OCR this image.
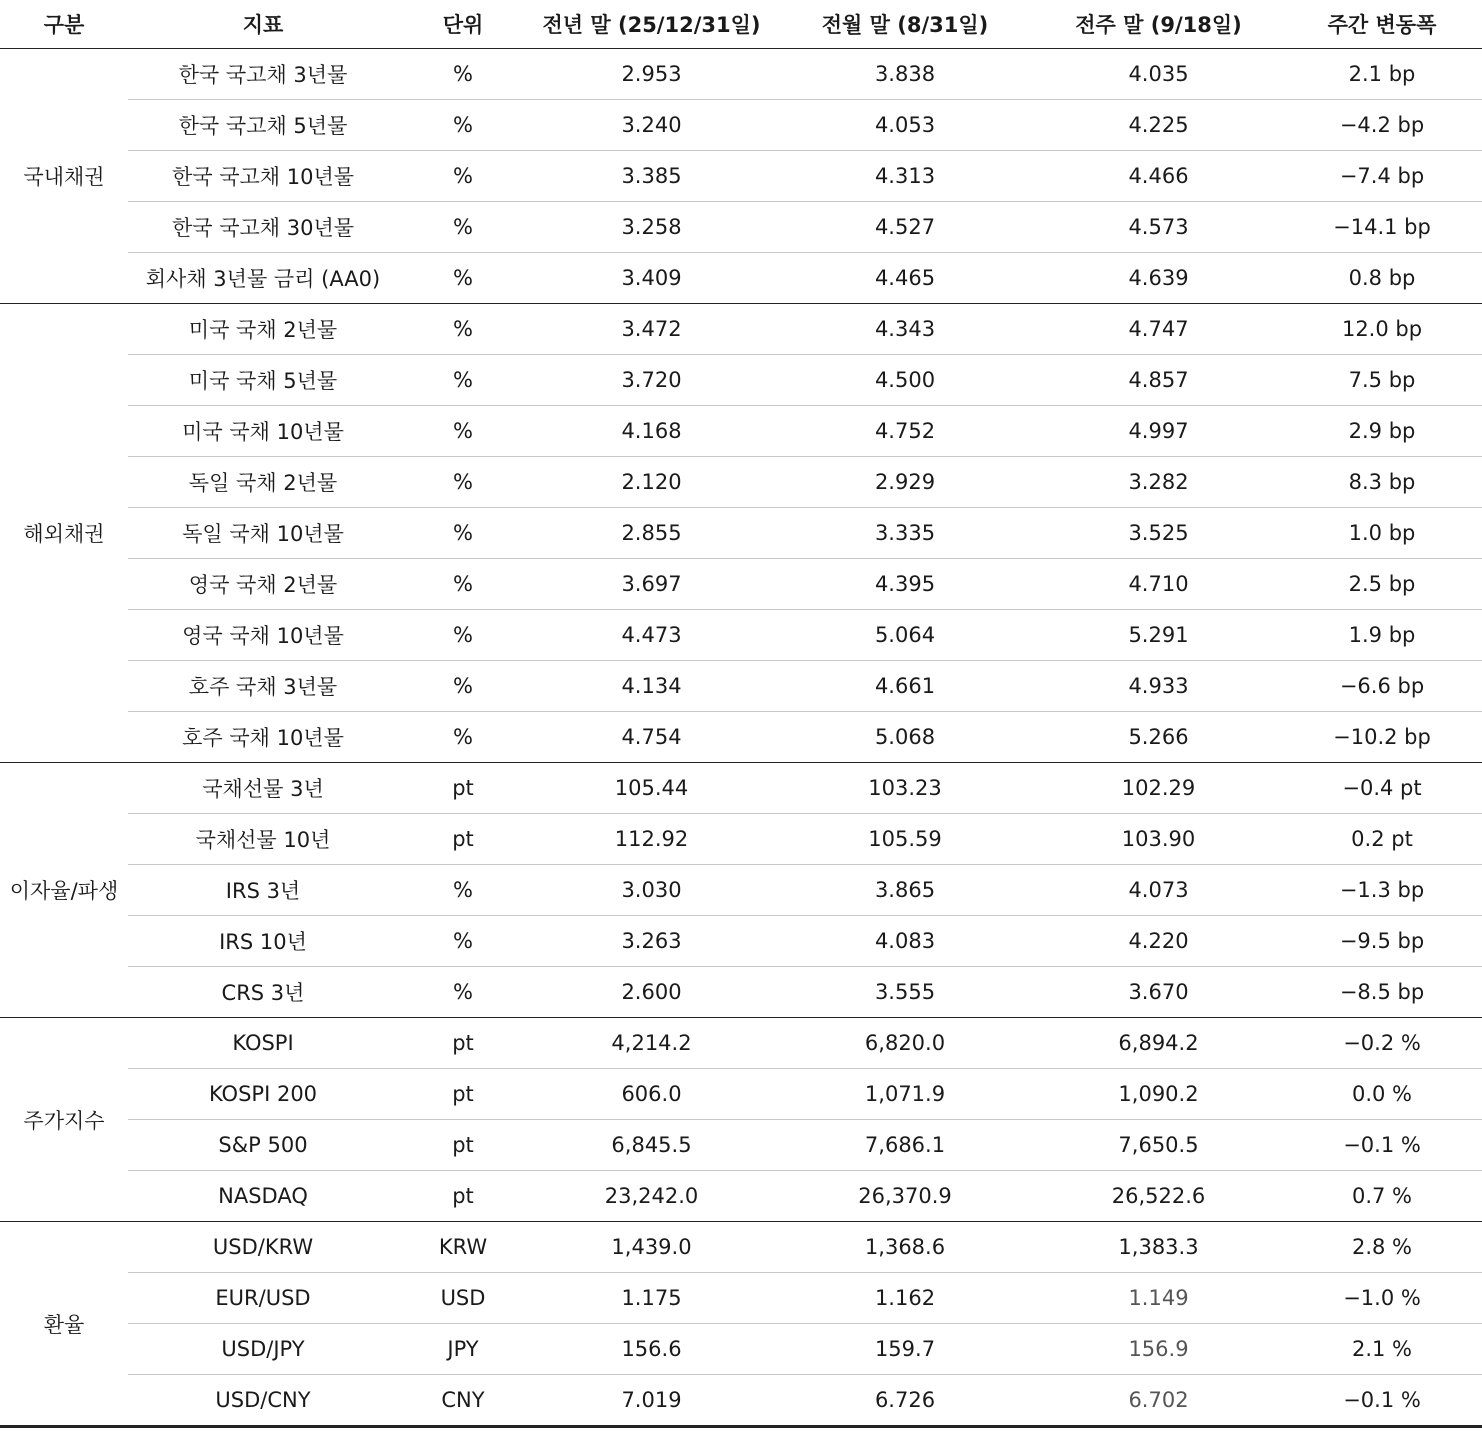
구분	지표	단위	전년 말 (25/12/31일)	전월 말 (8/31일)	전주 말 (9/18일)	주간 변동폭
국내채권	한국 국고채 3년물	%	2.953	3.838	4.035	2.1 bp
	한국 국고채 5년물	%	3.240	4.053	4.225	−4.2 bp
	한국 국고채 10년물	%	3.385	4.313	4.466	−7.4 bp
	한국 국고채 30년물	%	3.258	4.527	4.573	−14.1 bp
	회사채 3년물 금리 (AA0)	%	3.409	4.465	4.639	0.8 bp
해외채권	미국 국채 2년물	%	3.472	4.343	4.747	12.0 bp
	미국 국채 5년물	%	3.720	4.500	4.857	7.5 bp
	미국 국채 10년물	%	4.168	4.752	4.997	2.9 bp
	독일 국채 2년물	%	2.120	2.929	3.282	8.3 bp
	독일 국채 10년물	%	2.855	3.335	3.525	1.0 bp
	영국 국채 2년물	%	3.697	4.395	4.710	2.5 bp
	영국 국채 10년물	%	4.473	5.064	5.291	1.9 bp
	호주 국채 3년물	%	4.134	4.661	4.933	−6.6 bp
	호주 국채 10년물	%	4.754	5.068	5.266	−10.2 bp
이자율/파생	국채선물 3년	pt	105.44	103.23	102.29	−0.4 pt
	국채선물 10년	pt	112.92	105.59	103.90	0.2 pt
	IRS 3년	%	3.030	3.865	4.073	−1.3 bp
	IRS 10년	%	3.263	4.083	4.220	−9.5 bp
	CRS 3년	%	2.600	3.555	3.670	−8.5 bp
주가지수	KOSPI	pt	4,214.2	6,820.0	6,894.2	−0.2 %
	KOSPI 200	pt	606.0	1,071.9	1,090.2	0.0 %
	S&P 500	pt	6,845.5	7,686.1	7,650.5	−0.1 %
	NASDAQ	pt	23,242.0	26,370.9	26,522.6	0.7 %
환율	USD/KRW	KRW	1,439.0	1,368.6	1,383.3	2.8 %
	EUR/USD	USD	1.175	1.162	1.149	−1.0 %
	USD/JPY	JPY	156.6	159.7	156.9	2.1 %
	USD/CNY	CNY	7.019	6.726	6.702	−0.1 %
